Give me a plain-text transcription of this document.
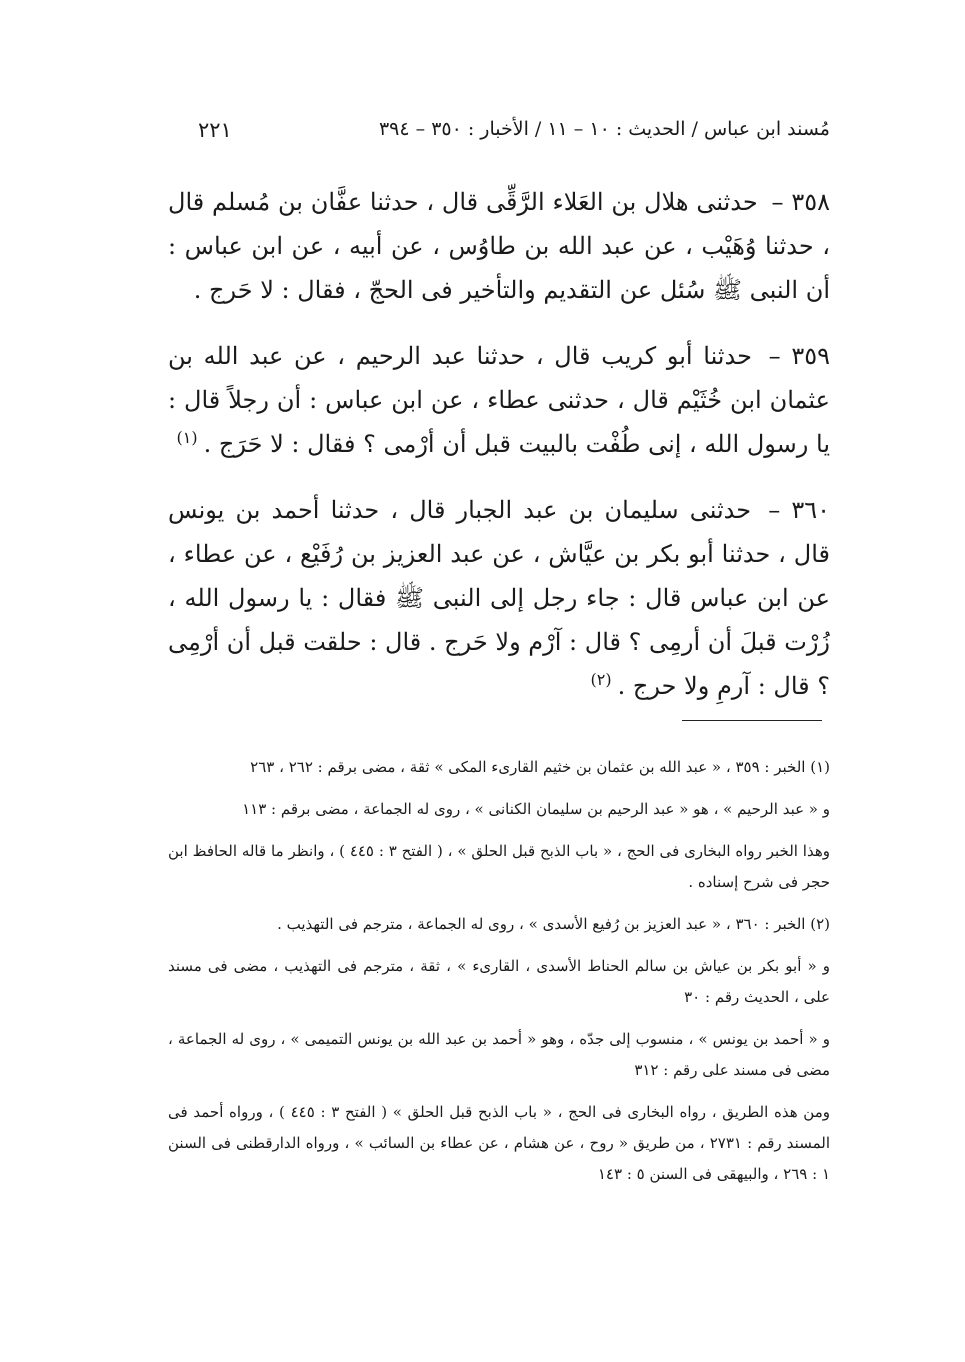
مُسند ابن عباس / الحديث : ١٠ – ١١ / الأخبار : ٣٥٠ – ٣٩٤
٢٢١

٣٥٨ – حدثنى هلال بن العَلاء الرَّقِّى قال ، حدثنا عفَّان بن مُسلم قال ، حدثنا وُهَيْب ، عن عبد الله بن طاوُس ، عن أبيه ، عن ابن عباس : أن النبى ﷺ سُئل عن التقديم والتأخير فى الحجّ ، فقال : لا حَرج .

٣٥٩ – حدثنا أبو كريب قال ، حدثنا عبد الرحيم ، عن عبد الله بن عثمان ابن خُثَيْم قال ، حدثنى عطاء ، عن ابن عباس : أن رجلاً قال : يا رسول الله ، إنى طُفْت بالبيت قبل أن أرْمى ؟ فقال : لا حَرَج .$^{(١)}$

٣٦٠ – حدثنى سليمان بن عبد الجبار قال ، حدثنا أحمد بن يونس قال ، حدثنا أبو بكر بن عيَّاش ، عن عبد العزيز بن رُفَيْع ، عن عطاء ، عن ابن عباس قال : جاء رجل إلى النبى ﷺ فقال : يا رسول الله ، زُرْت قبلَ أن أرمِى ؟ قال : آرْم ولا حَرج . قال : حلقت قبل أن أرْمِى ؟ قال : آرمِ ولا حرج .$^{(٢)}$

(١) الخبر : ٣٥٩ ، « عبد الله بن عثمان بن خثيم القارىء المكى » ثقة ، مضى برقم : ٢٦٢ ، ٢٦٣

و « عبد الرحيم » ، هو « عبد الرحيم بن سليمان الكنانى » ، روى له الجماعة ، مضى برقم : ١١٣

وهذا الخبر رواه البخارى فى الحج ، « باب الذبح قبل الحلق » ، ( الفتح ٣ : ٤٤٥ ) ، وانظر ما قاله الحافظ ابن حجر فى شرح إسناده .

(٢) الخبر : ٣٦٠ ، « عبد العزيز بن رُفيع الأسدى » ، روى له الجماعة ، مترجم فى التهذيب .

و « أبو بكر بن عياش بن سالم الحناط الأسدى ، القارىء » ، ثقة ، مترجم فى التهذيب ، مضى فى مسند على ، الحديث رقم : ٣٠

و « أحمد بن يونس » ، منسوب إلى جدّه ، وهو « أحمد بن عبد الله بن يونس التميمى » ، روى له الجماعة ، مضى فى مسند على رقم : ٣١٢

ومن هذه الطريق ، رواه البخارى فى الحج ، « باب الذبح قبل الحلق » ( الفتح ٣ : ٤٤٥ ) ، ورواه أحمد فى المسند رقم : ٢٧٣١ ، من طريق « روح ، عن هشام ، عن عطاء بن السائب » ، ورواه الدارقطنى فى السنن ١ : ٢٦٩ ، والبيهقى فى السنن ٥ : ١٤٣
